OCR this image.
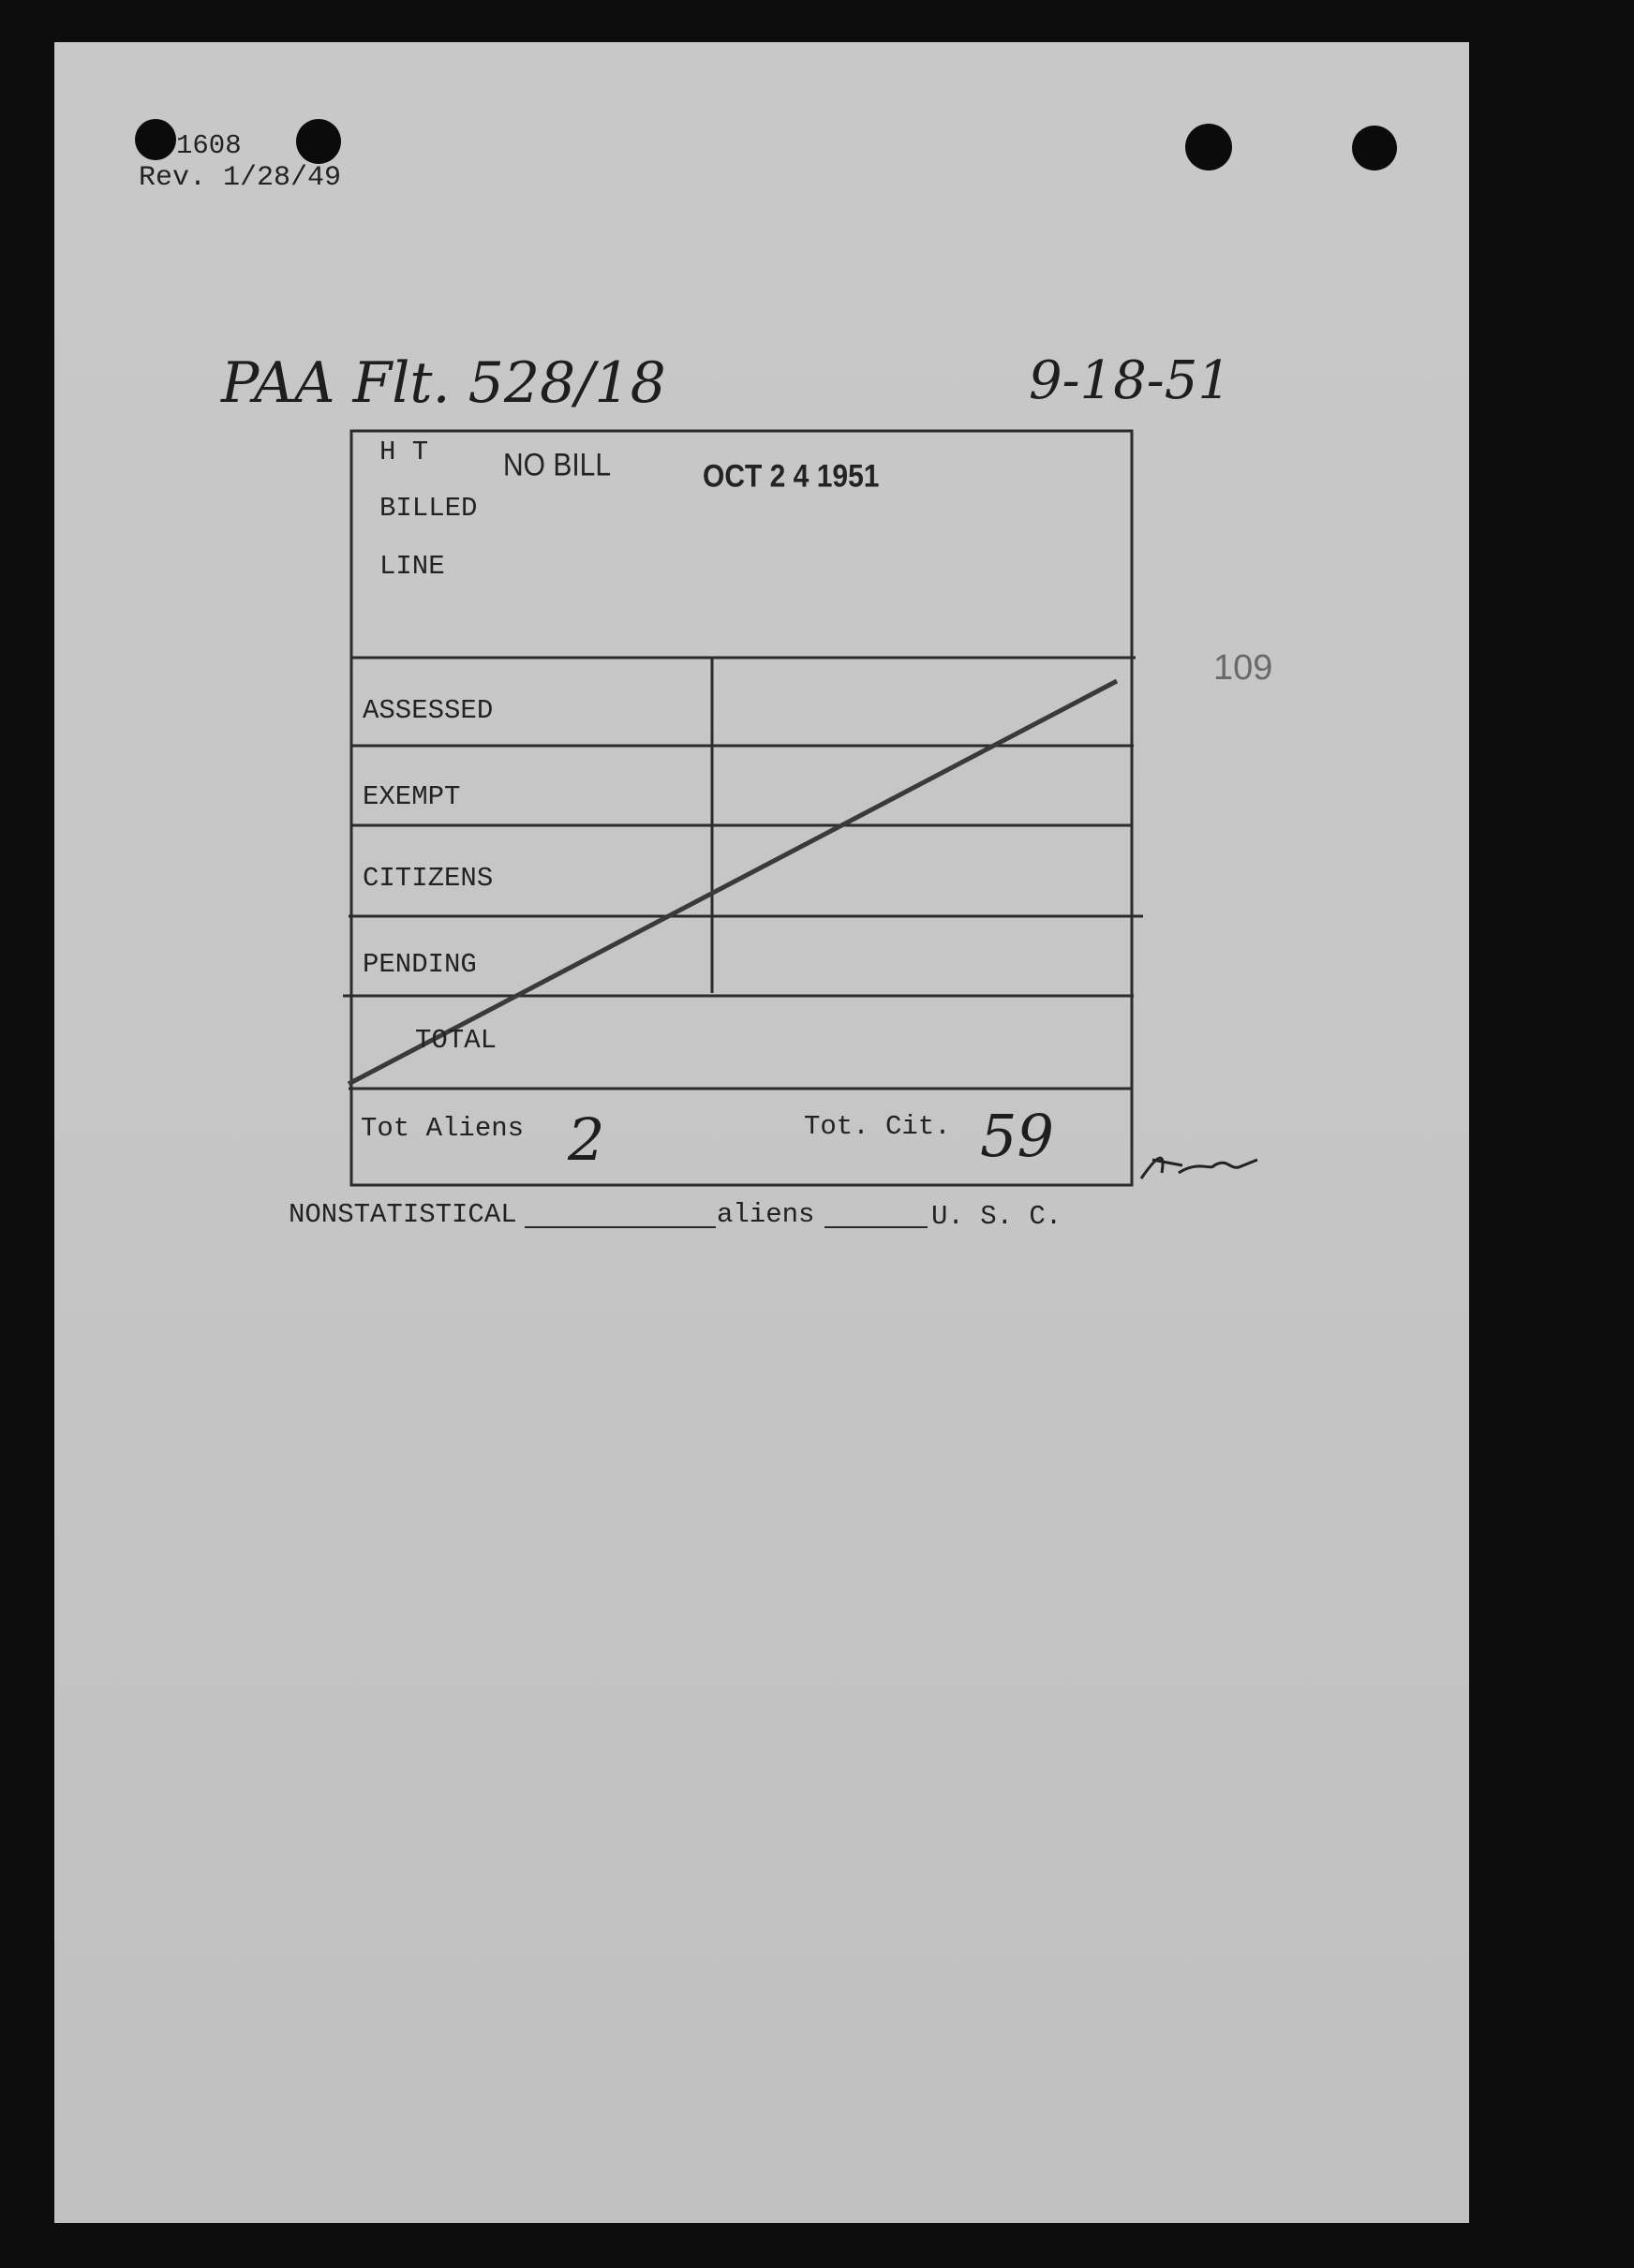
1608
Rev. 1/28/49
PAA Flt. 528/18	9-18-51
109
H T
BILLED
LINE
NO BILL	OCT 2 4 1951
ASSESSED
EXEMPT
CITIZENS
PENDING
TOTAL
Tot Aliens 2	Tot. Cit. 59
NONSTATISTICAL	aliens	U. S. C.
